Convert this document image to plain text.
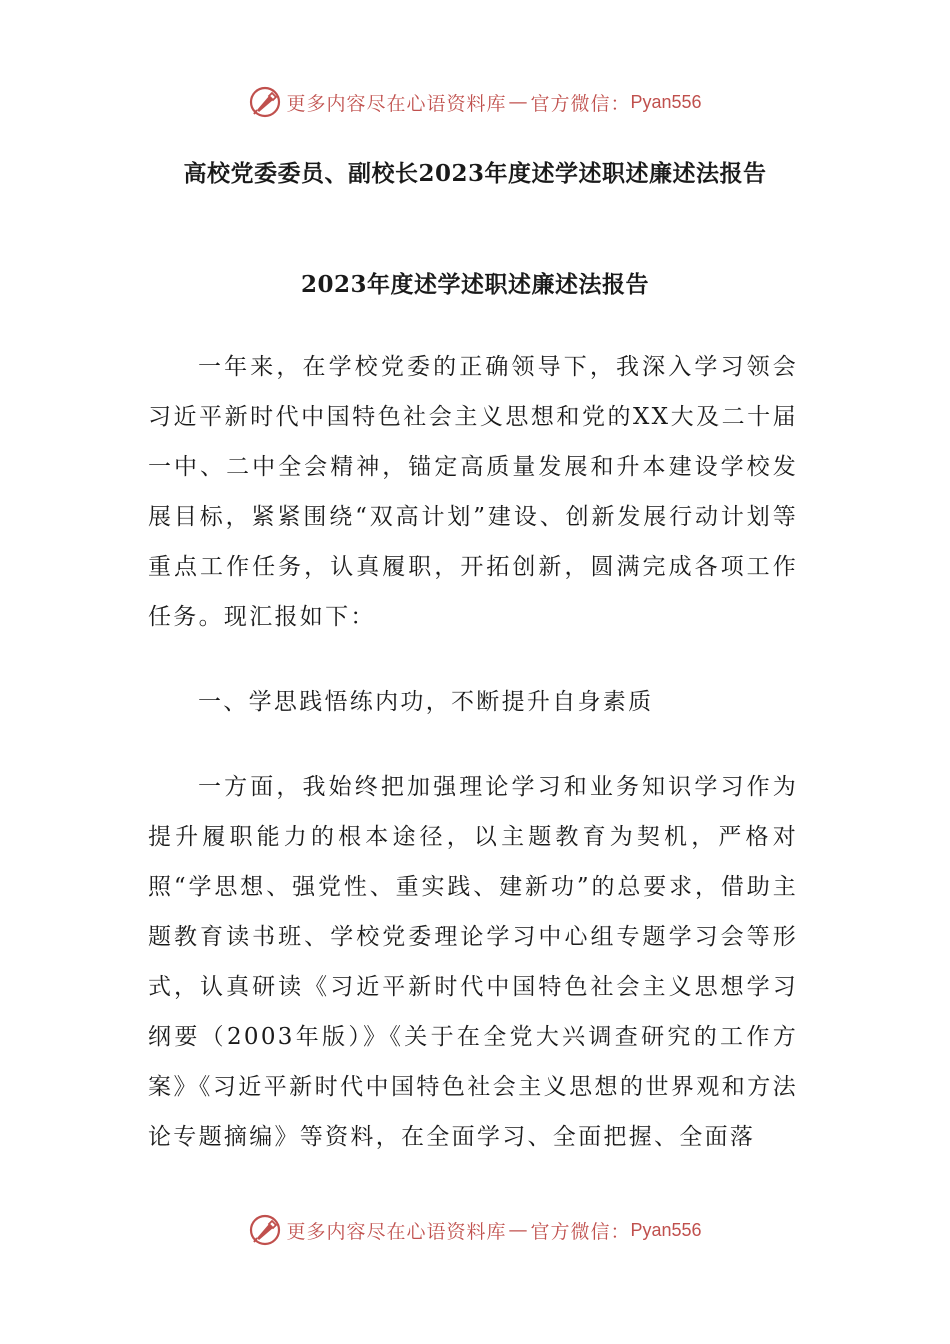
更多内容尽在心语资料库 — 官方微信： Pyan556
高校党委委员、副校长2023年度述学述职述廉述法报告
2023年度述学述职述廉述法报告

一年来，在学校党委的正确领导下，我深入学习领会习近平新时代中国特色社会主义思想和党的XX大及二十届一中、二中全会精神，锚定高质量发展和升本建设学校发展目标，紧紧围绕“双高计划”建设、创新发展行动计划等重点工作任务，认真履职，开拓创新，圆满完成各项工作任务。现汇报如下：

一、学思践悟练内功，不断提升自身素质

一方面，我始终把加强理论学习和业务知识学习作为提升履职能力的根本途径，以主题教育为契机，严格对照“学思想、强党性、重实践、建新功”的总要求，借助主题教育读书班、学校党委理论学习中心组专题学习会等形式，认真研读《习近平新时代中国特色社会主义思想学习纲要（2003年版）》《关于在全党大兴调查研究的工作方案》《习近平新时代中国特色社会主义思想的世界观和方法论专题摘编》等资料，在全面学习、全面把握、全面落

更多内容尽在心语资料库 — 官方微信： Pyan556
